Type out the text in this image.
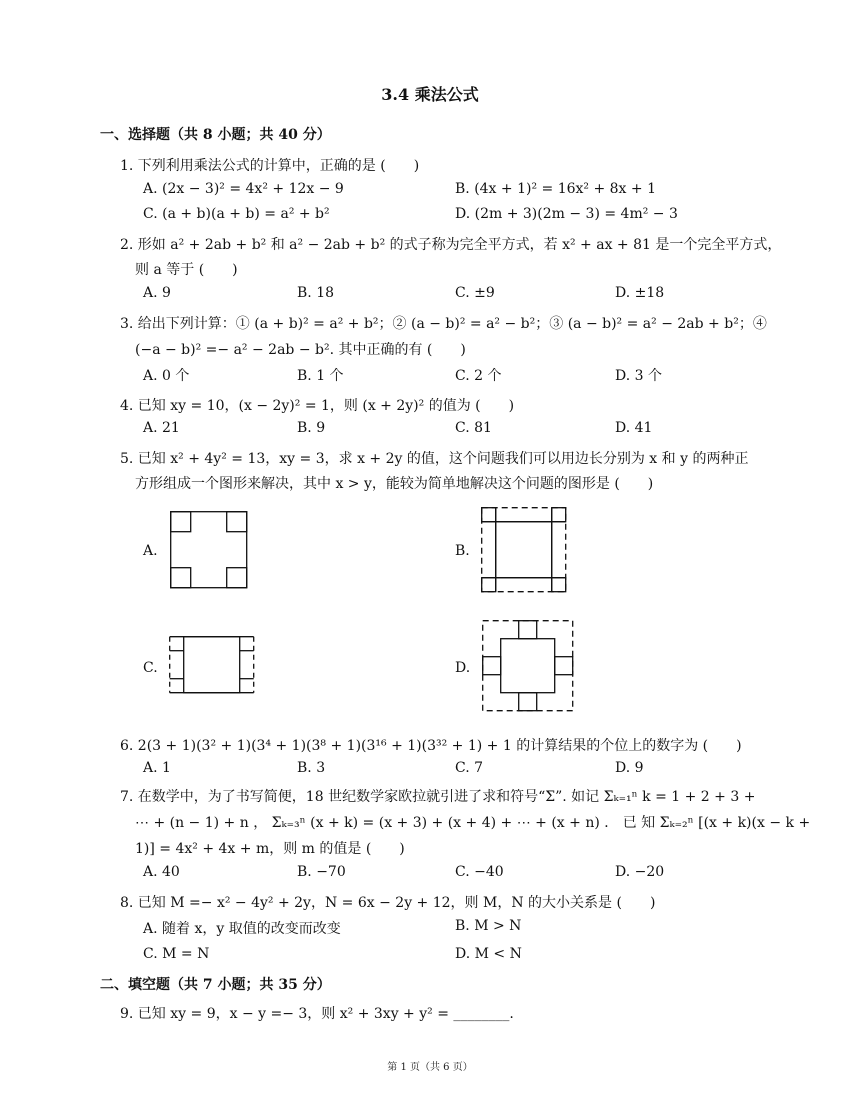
3.4 乘法公式
一、选择题（共 8 小题；共 40 分）
1. 下列利用乘法公式的计算中，正确的是 (　　)
A. (2x − 3)² = 4x² + 12x − 9	B. (4x + 1)² = 16x² + 8x + 1
C. (a + b)(a + b) = a² + b²	D. (2m + 3)(2m − 3) = 4m² − 3
2. 形如 a² + 2ab + b² 和 a² − 2ab + b² 的式子称为完全平方式，若 x² + ax + 81 是一个完全平方式，
则 a 等于 (　　)
A. 9	B. 18	C. ±9	D. ±18
3. 给出下列计算：① (a + b)² = a² + b²；② (a − b)² = a² − b²；③ (a − b)² = a² − 2ab + b²；④
(−a − b)² =− a² − 2ab − b². 其中正确的有 (　　)
A. 0 个	B. 1 个	C. 2 个	D. 3 个
4. 已知 xy = 10，(x − 2y)² = 1，则 (x + 2y)² 的值为 (　　)
A. 21	B. 9	C. 81	D. 41
5. 已知 x² + 4y² = 13，xy = 3，求 x + 2y 的值，这个问题我们可以用边长分别为 x 和 y 的两种正
方形组成一个图形来解决，其中 x > y，能较为简单地解决这个问题的图形是 (　　)
A.	B.
C.	D.
6. 2(3 + 1)(3² + 1)(3⁴ + 1)(3⁸ + 1)(3¹⁶ + 1)(3³² + 1) + 1 的计算结果的个位上的数字为 (　　)
A. 1	B. 3	C. 7	D. 9
7. 在数学中，为了书写简便，18 世纪数学家欧拉就引进了求和符号“Σ”. 如记 Σₖ₌₁ⁿ k = 1 + 2 + 3 +
⋯ + (n − 1) + n ， Σₖ₌₃ⁿ (x + k) = (x + 3) + (x + 4) + ⋯ + (x + n) ． 已 知 Σₖ₌₂ⁿ [(x + k)(x − k +
1)] = 4x² + 4x + m，则 m 的值是 (　　)
A. 40	B. −70	C. −40	D. −20
8. 已知 M =− x² − 4y² + 2y，N = 6x − 2y + 12，则 M，N 的大小关系是 (　　)
A. 随着 x，y 取值的改变而改变	B. M > N
C. M = N	D. M < N
二、填空题（共 7 小题；共 35 分）
9. 已知 xy = 9，x − y =− 3，则 x² + 3xy + y² = ________.
第 1 页（共 6 页）
